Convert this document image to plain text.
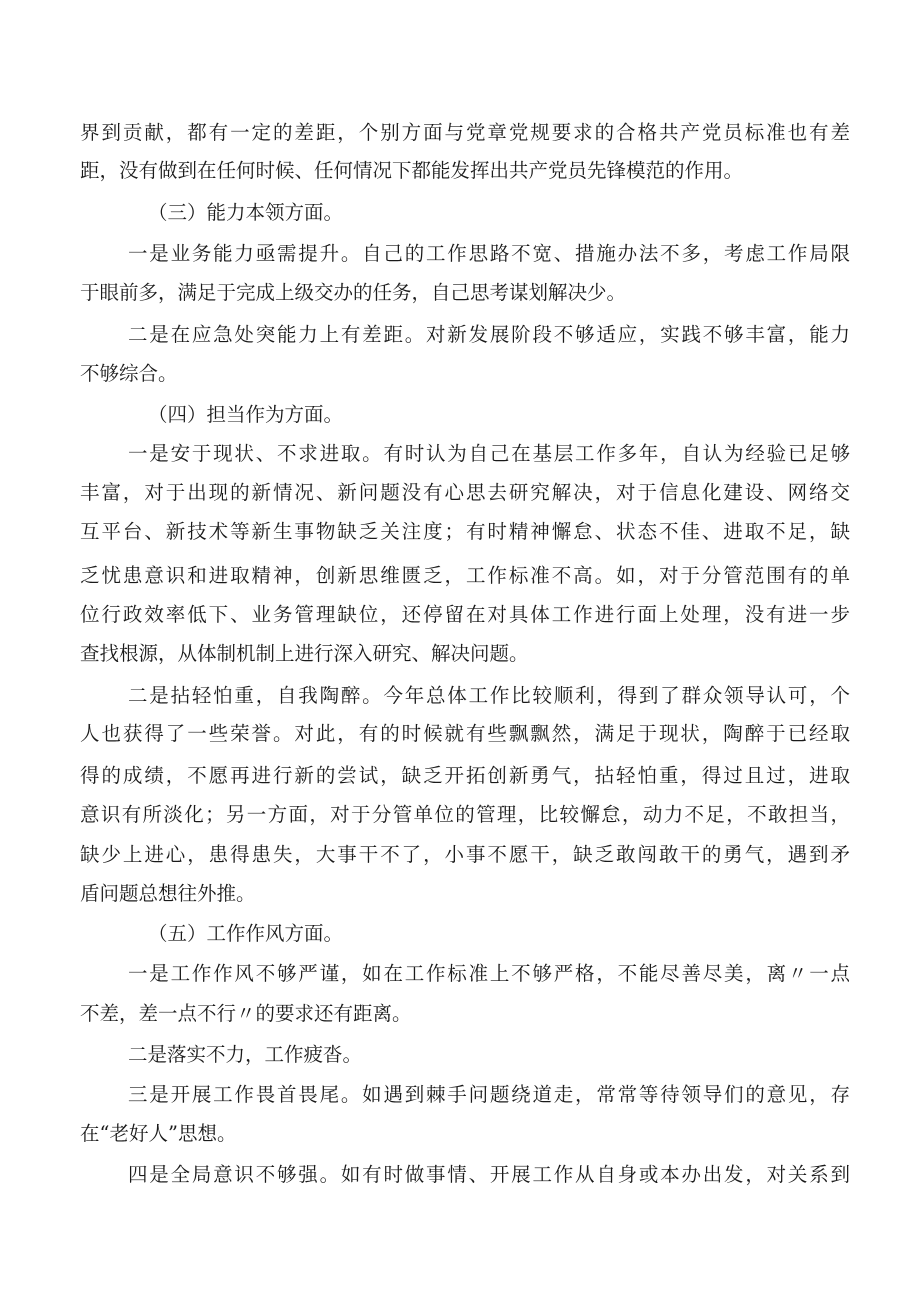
界到贡献，都有一定的差距，个别方面与党章党规要求的合格共产党员标准也有差
距，没有做到在任何时候、任何情况下都能发挥出共产党员先锋模范的作用。
（三）能力本领方面。
一是业务能力亟需提升。自己的工作思路不宽、措施办法不多，考虑工作局限
于眼前多，满足于完成上级交办的任务，自己思考谋划解决少。
二是在应急处突能力上有差距。对新发展阶段不够适应，实践不够丰富，能力
不够综合。
（四）担当作为方面。
一是安于现状、不求进取。有时认为自己在基层工作多年，自认为经验已足够
丰富，对于出现的新情况、新问题没有心思去研究解决，对于信息化建设、网络交
互平台、新技术等新生事物缺乏关注度；有时精神懈怠、状态不佳、进取不足，缺
乏忧患意识和进取精神，创新思维匮乏，工作标准不高。如，对于分管范围有的单
位行政效率低下、业务管理缺位，还停留在对具体工作进行面上处理，没有进一步
查找根源，从体制机制上进行深入研究、解决问题。
二是拈轻怕重，自我陶醉。今年总体工作比较顺利，得到了群众领导认可，个
人也获得了一些荣誉。对此，有的时候就有些飘飘然，满足于现状，陶醉于已经取
得的成绩，不愿再进行新的尝试，缺乏开拓创新勇气，拈轻怕重，得过且过，进取
意识有所淡化；另一方面，对于分管单位的管理，比较懈怠，动力不足，不敢担当，
缺少上进心，患得患失，大事干不了，小事不愿干，缺乏敢闯敢干的勇气，遇到矛
盾问题总想往外推。
（五）工作作风方面。
一是工作作风不够严谨，如在工作标准上不够严格，不能尽善尽美，离〃一点
不差，差一点不行〃的要求还有距离。
二是落实不力，工作疲沓。
三是开展工作畏首畏尾。如遇到棘手问题绕道走，常常等待领导们的意见，存
在“老好人”思想。
四是全局意识不够强。如有时做事情、开展工作从自身或本办出发，对关系到
